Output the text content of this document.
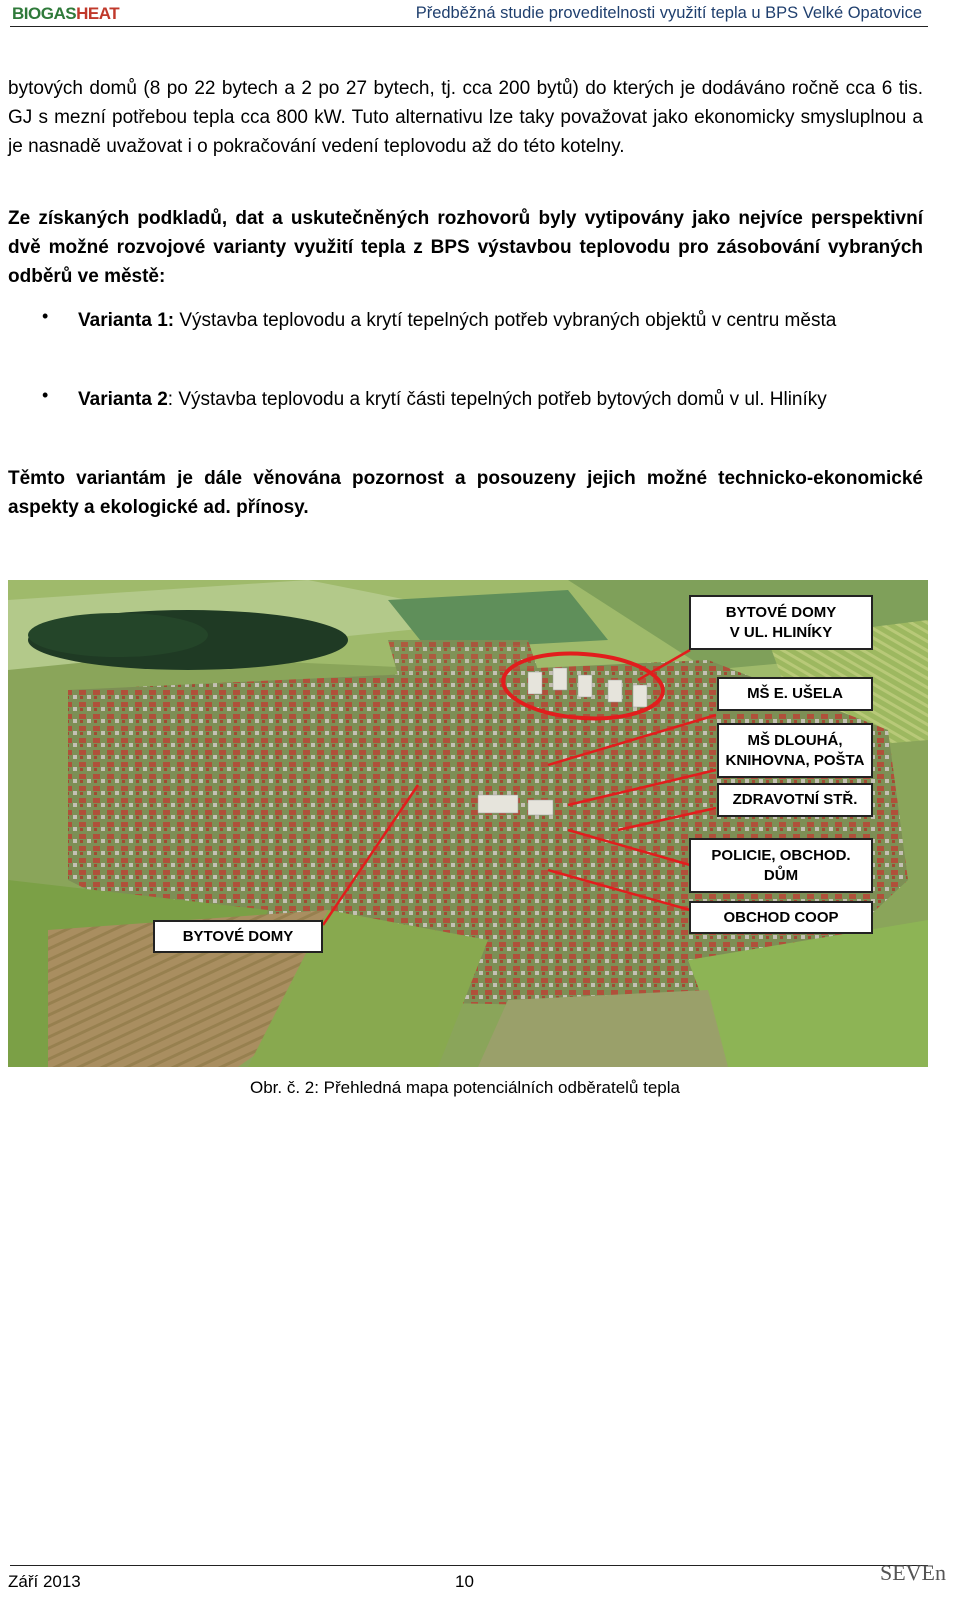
BIOGASHEAT	Předběžná studie proveditelnosti využití tepla u BPS Velké Opatovice

bytových domů (8 po 22 bytech a 2 po 27 bytech, tj. cca 200 bytů) do kterých je dodáváno ročně cca 6 tis. GJ s mezní potřebou tepla cca 800 kW. Tuto alternativu lze taky považovat jako ekonomicky smysluplnou a je nasnadě uvažovat i o pokračování vedení teplovodu až do této kotelny.

Ze získaných podkladů, dat a uskutečněných rozhovorů byly vytipovány jako nejvíce perspektivní dvě možné rozvojové varianty využití tepla z BPS výstavbou teplovodu pro zásobování vybraných odběrů ve městě:

• Varianta 1: Výstavba teplovodu a krytí tepelných potřeb vybraných objektů v centru města

• Varianta 2: Výstavba teplovodu a krytí části tepelných potřeb bytových domů v ul. Hliníky

Těmto variantám je dále věnována pozornost a posouzeny jejich možné technicko-ekonomické aspekty a ekologické ad. přínosy.

BYTOVÉ DOMY
V UL. HLINÍKY
MŠ E. UŠELA
MŠ DLOUHÁ,
KNIHOVNA, POŠTA
ZDRAVOTNÍ STŘ.
POLICIE, OBCHOD.
DŮM
OBCHOD COOP
BYTOVÉ DOMY
Obr. č. 2: Přehledná mapa potenciálních odběratelů tepla
Září 2013	10	SEVEn
